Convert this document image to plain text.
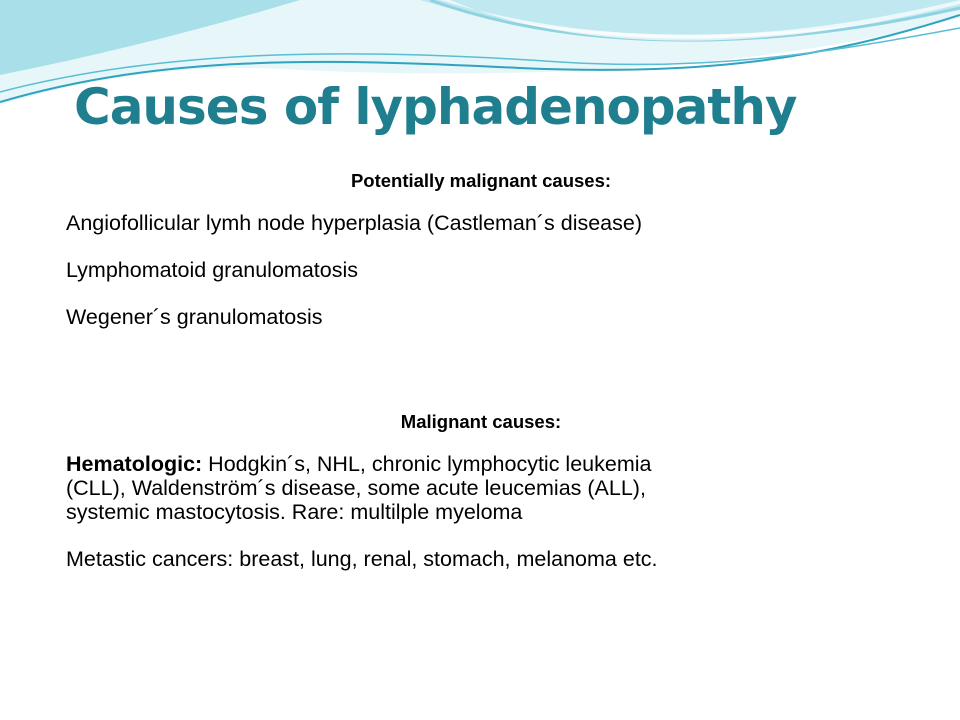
Causes of lyphadenopathy

Potentially malignant causes:

Angiofollicular lymh node hyperplasia (Castleman´s disease)

Lymphomatoid granulomatosis

Wegener´s granulomatosis

Malignant causes:

Hematologic: Hodgkin´s, NHL, chronic lymphocytic leukemia
(CLL), Waldenström´s disease, some acute leucemias (ALL),
systemic mastocytosis. Rare: multilple myeloma

Metastic cancers: breast, lung, renal, stomach, melanoma etc.
